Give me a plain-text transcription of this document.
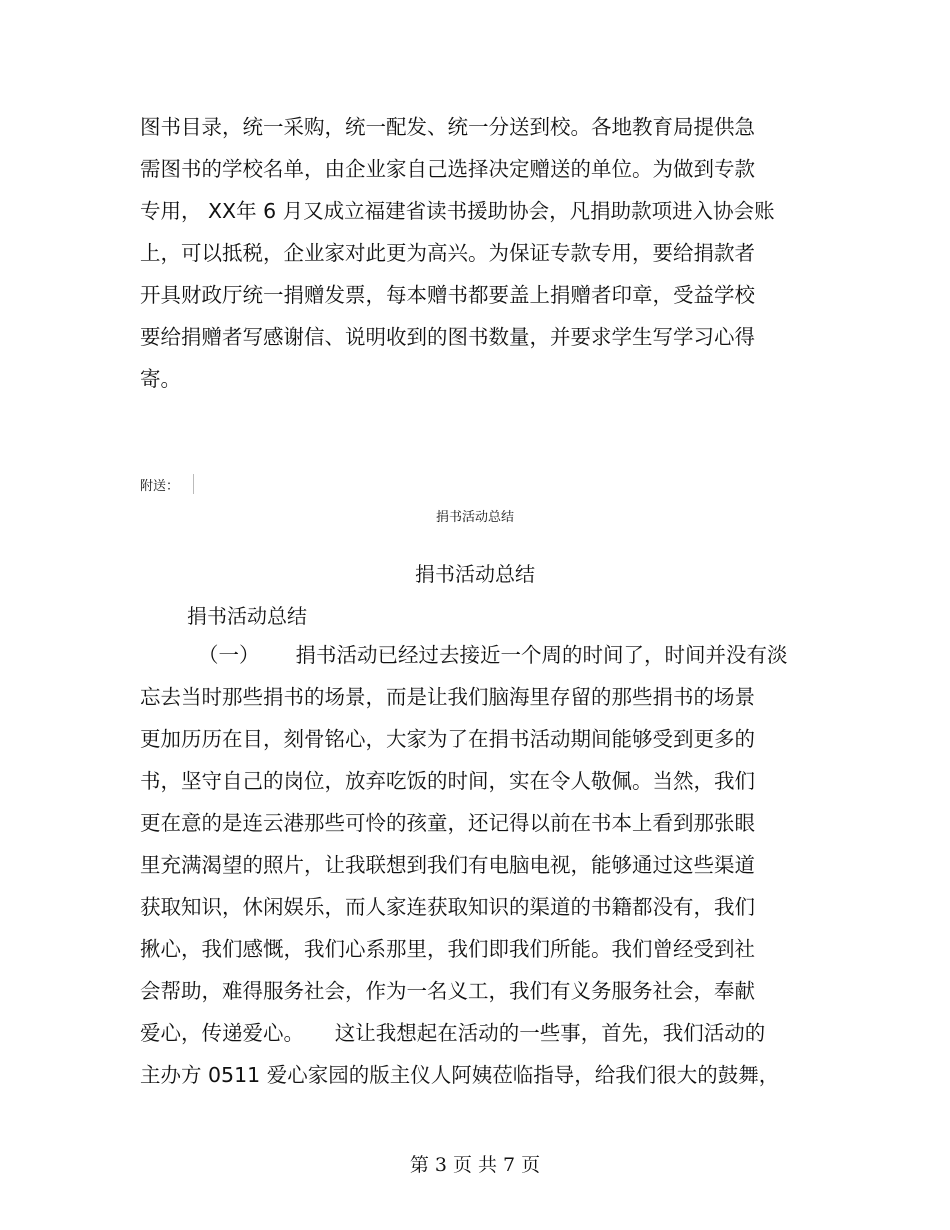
图书目录，统一采购，统一配发、统一分送到校。各地教育局提供急
需图书的学校名单，由企业家自己选择决定赠送的单位。为做到专款
专用， XX年 6 月又成立福建省读书援助协会，凡捐助款项进入协会账
上，可以抵税，企业家对此更为高兴。为保证专款专用，要给捐款者
开具财政厅统一捐赠发票，每本赠书都要盖上捐赠者印章，受益学校
要给捐赠者写感谢信、说明收到的图书数量，并要求学生写学习心得
寄。
附送：
捐书活动总结
捐书活动总结
捐书活动总结
（一） 捐书活动已经过去接近一个周的时间了，时间并没有淡
忘去当时那些捐书的场景，而是让我们脑海里存留的那些捐书的场景
更加历历在目，刻骨铭心，大家为了在捐书活动期间能够受到更多的
书，坚守自己的岗位，放弃吃饭的时间，实在令人敬佩。当然，我们
更在意的是连云港那些可怜的孩童，还记得以前在书本上看到那张眼
里充满渴望的照片，让我联想到我们有电脑电视，能够通过这些渠道
获取知识，休闲娱乐，而人家连获取知识的渠道的书籍都没有，我们
揪心，我们感慨，我们心系那里，我们即我们所能。我们曾经受到社
会帮助，难得服务社会，作为一名义工，我们有义务服务社会，奉献
爱心，传递爱心。　　这让我想起在活动的一些事，首先，我们活动的
主办方 0511 爱心家园的版主仪人阿姨莅临指导，给我们很大的鼓舞，
第 3 页 共 7 页
